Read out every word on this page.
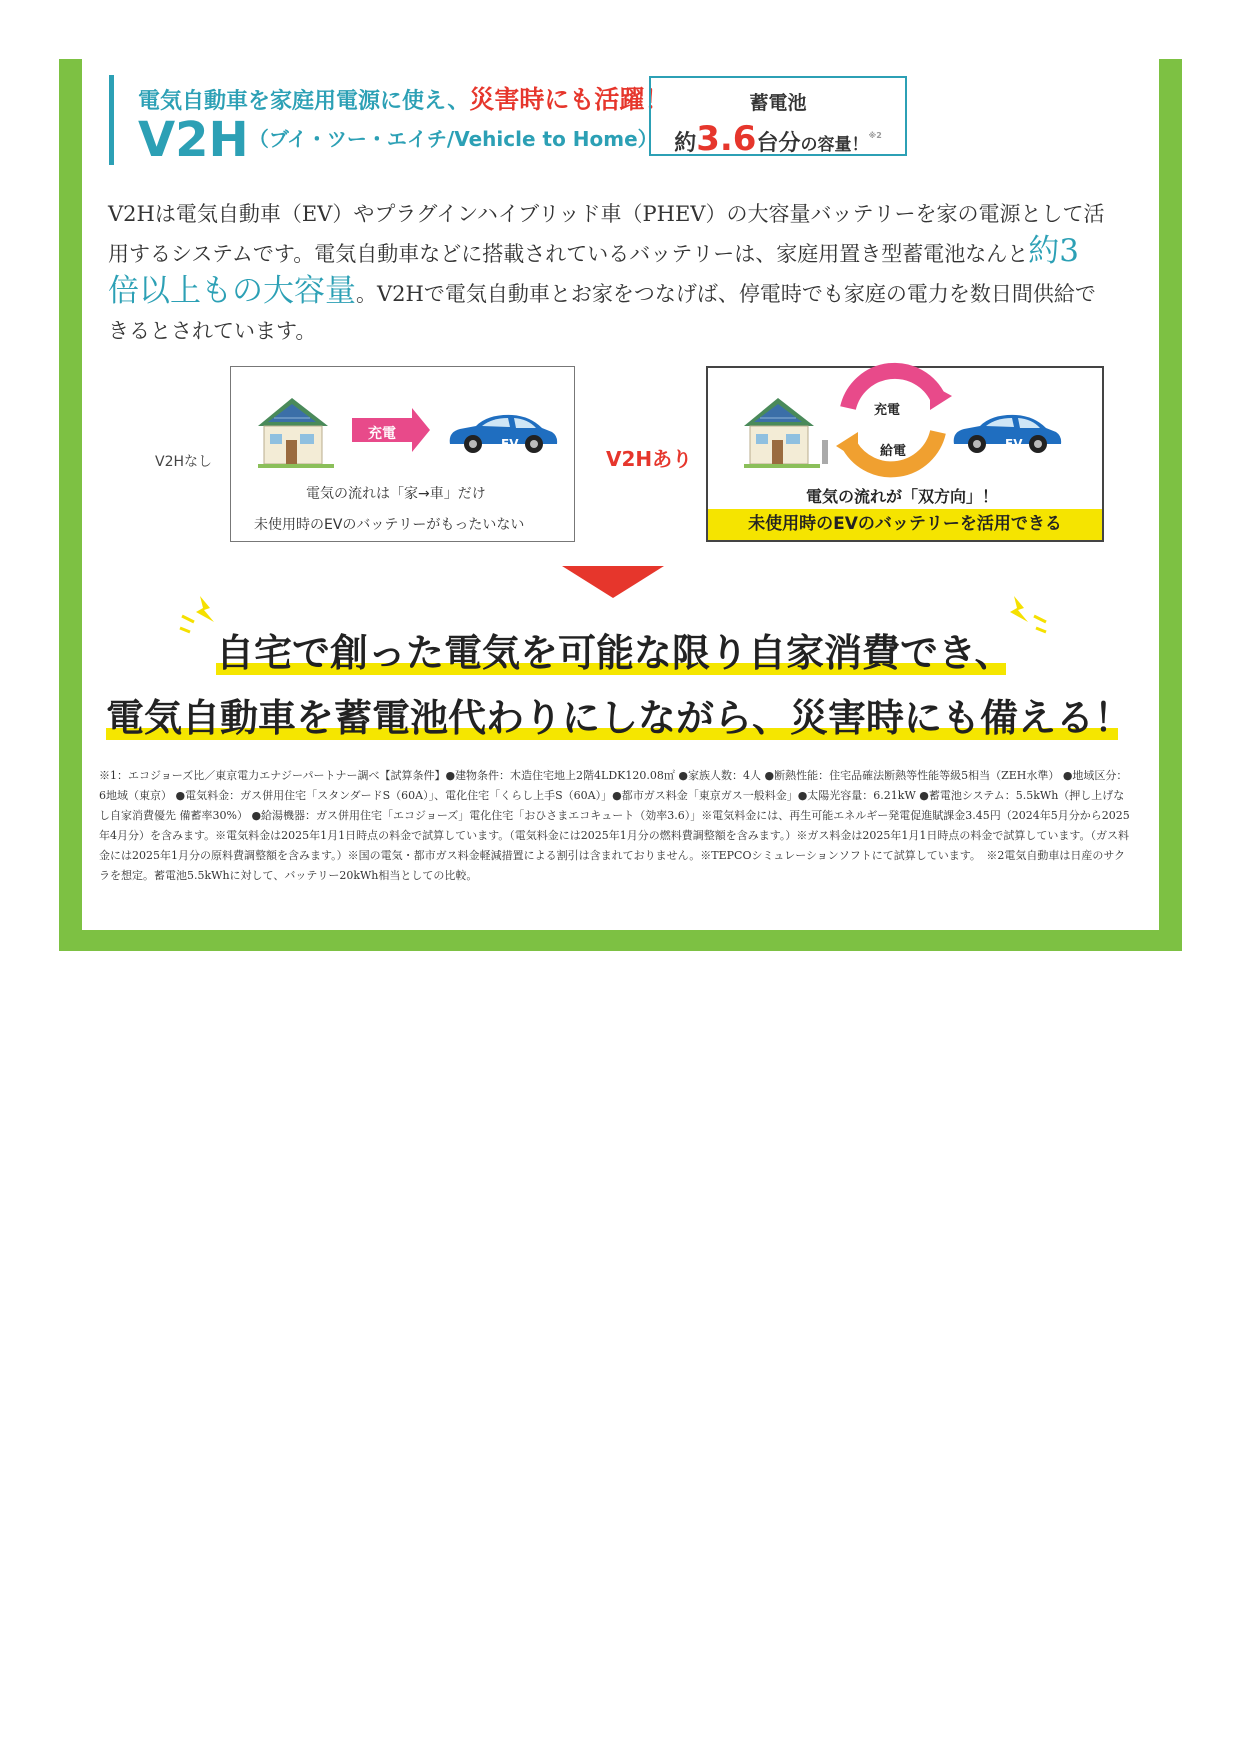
電気自動車を家庭用電源に使え、災害時にも活躍！
V2H（ブイ・ツー・エイチ/Vehicle to Home）
蓄電池
約3.6台分の容量！$^{※2}$
V2Hは電気自動車（EV）やプラグインハイブリッド車（PHEV）の大容量バッテリーを家の電源として活用するシステムです。電気自動車などに搭載されているバッテリーは、家庭用置き型蓄電池なんと約3倍以上もの大容量。V2Hで電気自動車とお家をつなげば、停電時でも家庭の電力を数日間供給できるとされています。
V2Hなし	V2Hあり
充電
EV
充電
給電	EV
電気の流れは「家→車」だけ
未使用時のEVのバッテリーがもったいない
電気の流れが「双方向」！
未使用時のEVのバッテリーを活用できる
自宅で創った電気を可能な限り自家消費でき、
電気自動車を蓄電池代わりにしながら、災害時にも備える！
※1：エコジョーズ比／東京電力エナジーパートナー調べ【試算条件】●建物条件：木造住宅地上2階4LDK120.08㎡ ●家族人数：4人 ●断熱性能：住宅品確法断熱等性能等級5相当（ZEH水準） ●地域区分：6地域（東京） ●電気料金：ガス併用住宅「スタンダードS（60A）」、電化住宅「くらし上手S（60A）」●都市ガス料金「東京ガス一般料金」●太陽光容量：6.21kW ●蓄電池システム：5.5kWh（押し上げなし自家消費優先 備蓄率30%） ●給湯機器：ガス併用住宅「エコジョーズ」電化住宅「おひさまエコキュート（効率3.6）」※電気料金には、再生可能エネルギー発電促進賦課金3.45円（2024年5月分から2025年4月分）を含みます。※電気料金は2025年1月1日時点の料金で試算しています。（電気料金には2025年1月分の燃料費調整額を含みます。）※ガス料金は2025年1月1日時点の料金で試算しています。（ガス料金には2025年1月分の原料費調整額を含みます。）※国の電気・都市ガス料金軽減措置による割引は含まれておりません。※TEPCOシミュレーションソフトにて試算しています。　※2電気自動車は日産のサクラを想定。蓄電池5.5kWhに対して、バッテリー20kWh相当としての比較。
